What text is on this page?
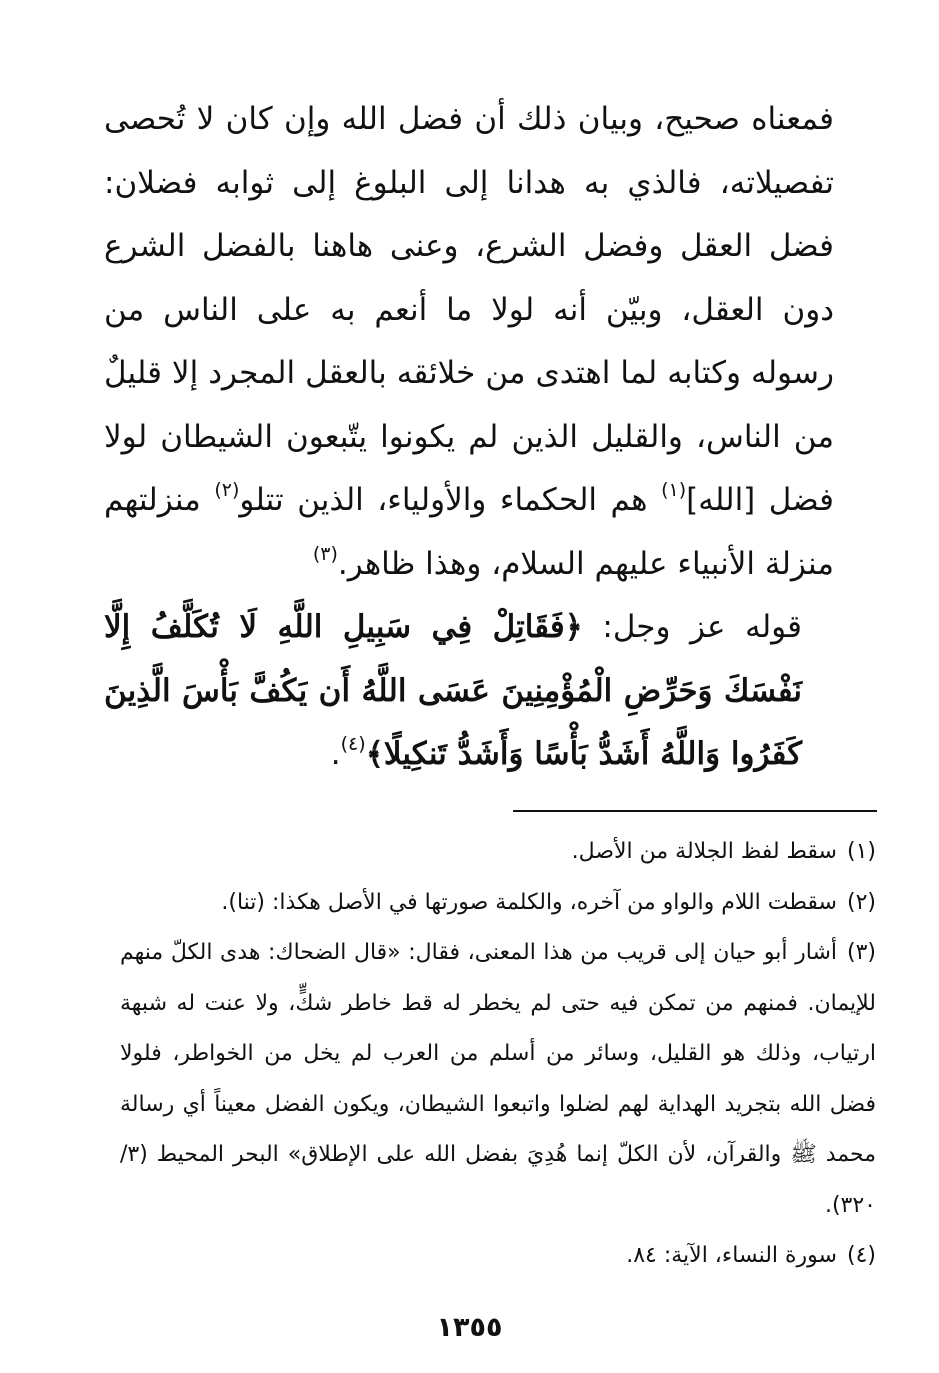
فمعناه صحيح، وبيان ذلك أن فضل الله وإن كان لا تُحصى تفصيلاته، فالذي به هدانا إلى البلوغ إلى ثوابه فضلان: فضل العقل وفضل الشرع، وعنى هاهنا بالفضل الشرع دون العقل، وبيّن أنه لولا ما أنعم به على الناس من رسوله وكتابه لما اهتدى من خلائقه بالعقل المجرد إلا قليلٌ من الناس، والقليل الذين لم يكونوا يتّبعون الشيطان لولا فضل [الله]$^{(١)}$ هم الحكماء والأولياء، الذين تتلو$^{(٢)}$ منزلتهم منزلة الأنبياء عليهم السلام، وهذا ظاهر.$^{(٣)}$

قوله عز وجل: ﴿فَقَاتِلْ فِي سَبِيلِ اللَّهِ لَا تُكَلَّفُ إِلَّا نَفْسَكَ وَحَرِّضِ الْمُؤْمِنِينَ عَسَى اللَّهُ أَن يَكُفَّ بَأْسَ الَّذِينَ كَفَرُوا وَاللَّهُ أَشَدُّ بَأْسًا وَأَشَدُّ تَنكِيلًا﴾$^{(٤)}$.

(١)سقط لفظ الجلالة من الأصل.

(٢)سقطت اللام والواو من آخره، والكلمة صورتها في الأصل هكذا: (تنا).

(٣)أشار أبو حيان إلى قريب من هذا المعنى، فقال: «قال الضحاك: هدى الكلّ منهم للإيمان. فمنهم من تمكن فيه حتى لم يخطر له قط خاطر شكٍّ، ولا عنت له شبهة ارتياب، وذلك هو القليل، وسائر من أسلم من العرب لم يخل من الخواطر، فلولا فضل الله بتجريد الهداية لهم لضلوا واتبعوا الشيطان، ويكون الفضل معيناً أي رسالة محمد ﷺ والقرآن، لأن الكلّ إنما هُدِيَ بفضل الله على الإطلاق» البحر المحيط (٣/ ٣٢٠).

(٤)سورة النساء، الآية: ٨٤.

١٣٥٥
